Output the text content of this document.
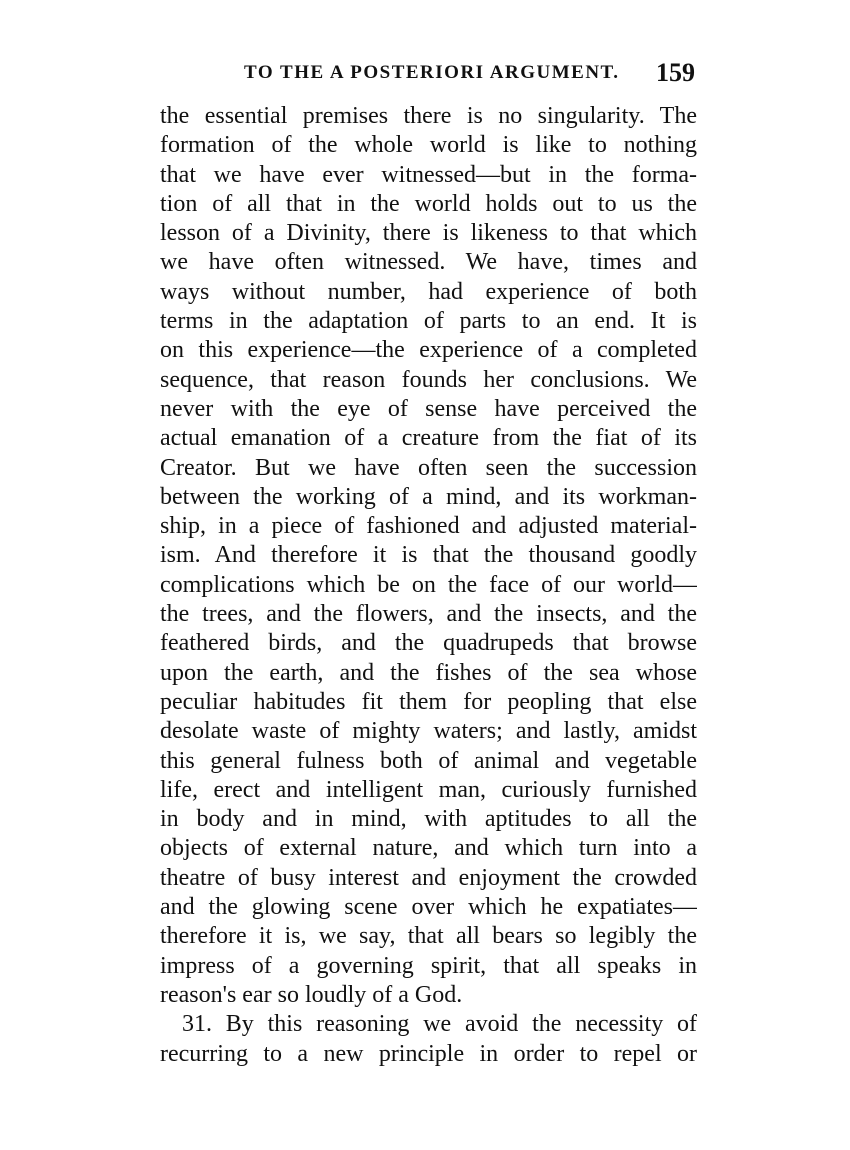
TO THE A POSTERIORI ARGUMENT. 159
the essential premises there is no singularity. The
formation of the whole world is like to nothing
that we have ever witnessed—but in the forma-
tion of all that in the world holds out to us the
lesson of a Divinity, there is likeness to that which
we have often witnessed. We have, times and
ways without number, had experience of both
terms in the adaptation of parts to an end. It is
on this experience—the experience of a completed
sequence, that reason founds her conclusions. We
never with the eye of sense have perceived the
actual emanation of a creature from the fiat of its
Creator. But we have often seen the succession
between the working of a mind, and its workman-
ship, in a piece of fashioned and adjusted material-
ism. And therefore it is that the thousand goodly
complications which be on the face of our world—
the trees, and the flowers, and the insects, and the
feathered birds, and the quadrupeds that browse
upon the earth, and the fishes of the sea whose
peculiar habitudes fit them for peopling that else
desolate waste of mighty waters; and lastly, amidst
this general fulness both of animal and vegetable
life, erect and intelligent man, curiously furnished
in body and in mind, with aptitudes to all the
objects of external nature, and which turn into a
theatre of busy interest and enjoyment the crowded
and the glowing scene over which he expatiates—
therefore it is, we say, that all bears so legibly the
impress of a governing spirit, that all speaks in
reason's ear so loudly of a God.
31. By this reasoning we avoid the necessity of
recurring to a new principle in order to repel or
